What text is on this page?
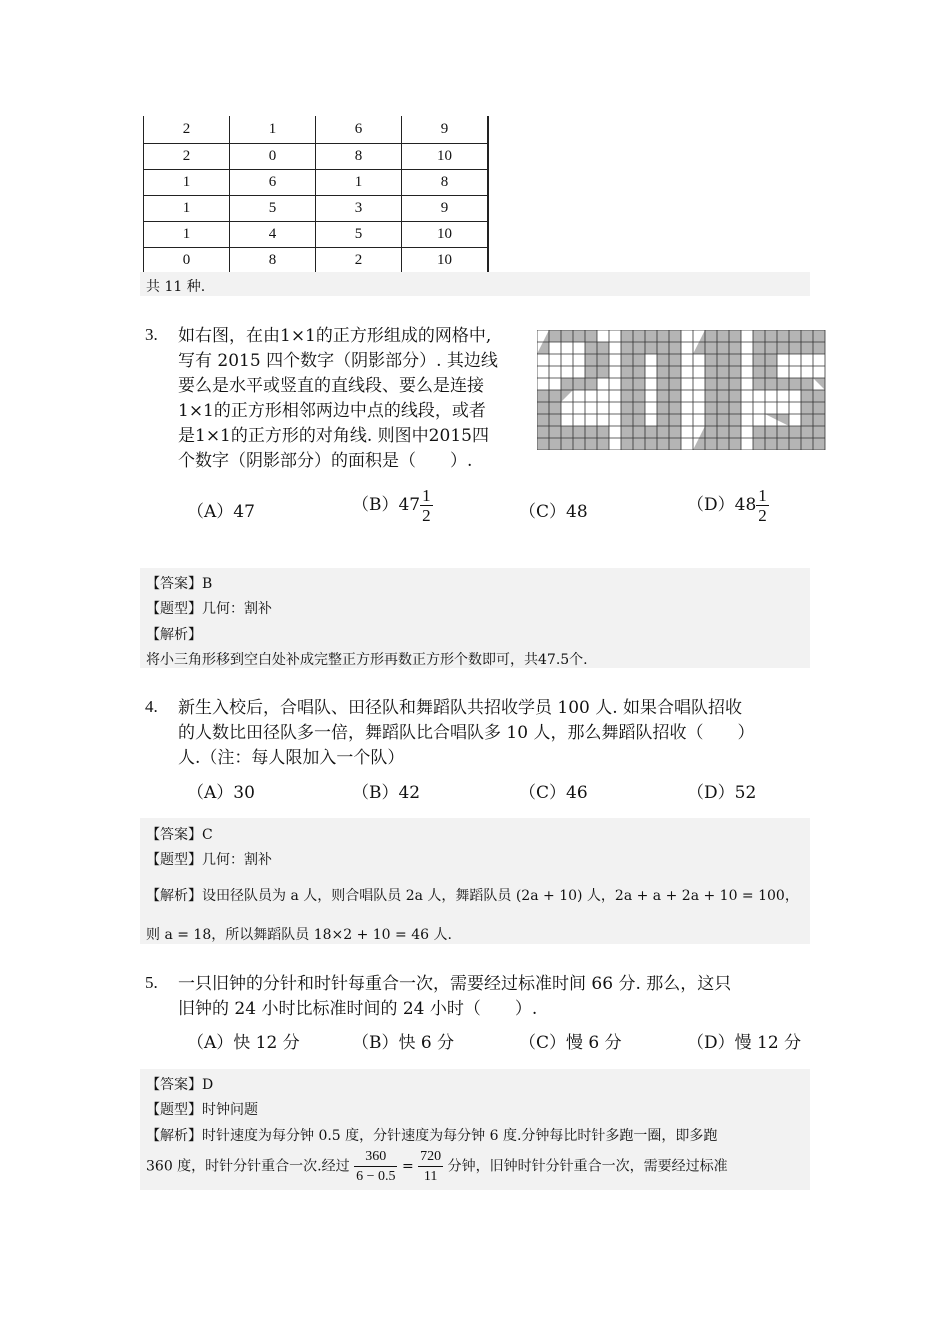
2	1	6	9
2	0	8	10
1	6	1	8
1	5	3	9
1	4	5	10
0	8	2	10
共 11 种.
3. 如右图，在由1×1的正方形组成的网格中,
写有 2015 四个数字（阴影部分）. 其边线
要么是水平或竖直的直线段、要么是连接
1×1的正方形相邻两边中点的线段，或者
是1×1的正方形的对角线. 则图中2015四
个数字（阴影部分）的面积是（　　）.
（A）47	$(B)47 \frac{1}{2}$	（C）48	$(D)48 \frac{1}{2}$
【答案】B
【题型】几何：割补
【解析】
将小三角形移到空白处补成完整正方形再数正方形个数即可，共47.5个.
4. 新生入校后，合唱队、田径队和舞蹈队共招收学员 100 人. 如果合唱队招收
的人数比田径队多一倍，舞蹈队比合唱队多 10 人，那么舞蹈队招收（　　）
人.（注：每人限加入一个队）
（A）30	（B）42	（C）46	（D）52
【答案】C
【题型】几何：割补
【解析】设田径队员为 a 人，则合唱队员 2a 人，舞蹈队员 (2a + 10) 人，2a + a + 2a + 10 = 100，
则 a = 18，所以舞蹈队员 18×2 + 10 = 46 人.
5. 一只旧钟的分针和时针每重合一次，需要经过标准时间 66 分. 那么，这只
旧钟的 24 小时比标准时间的 24 小时（　　）.
（A）快 12 分	（B）快 6 分	（C）慢 6 分	（D）慢 12 分
【答案】D
【题型】时钟问题
【解析】时针速度为每分钟 0.5 度，分针速度为每分钟 6 度.分钟每比时针多跑一圈，即多跑
360 度，时针分针重合一次.经过 $\frac{360}{6 - 0.5} = \frac{720}{11}$ 分钟，旧钟时针分针重合一次，需要经过标准
